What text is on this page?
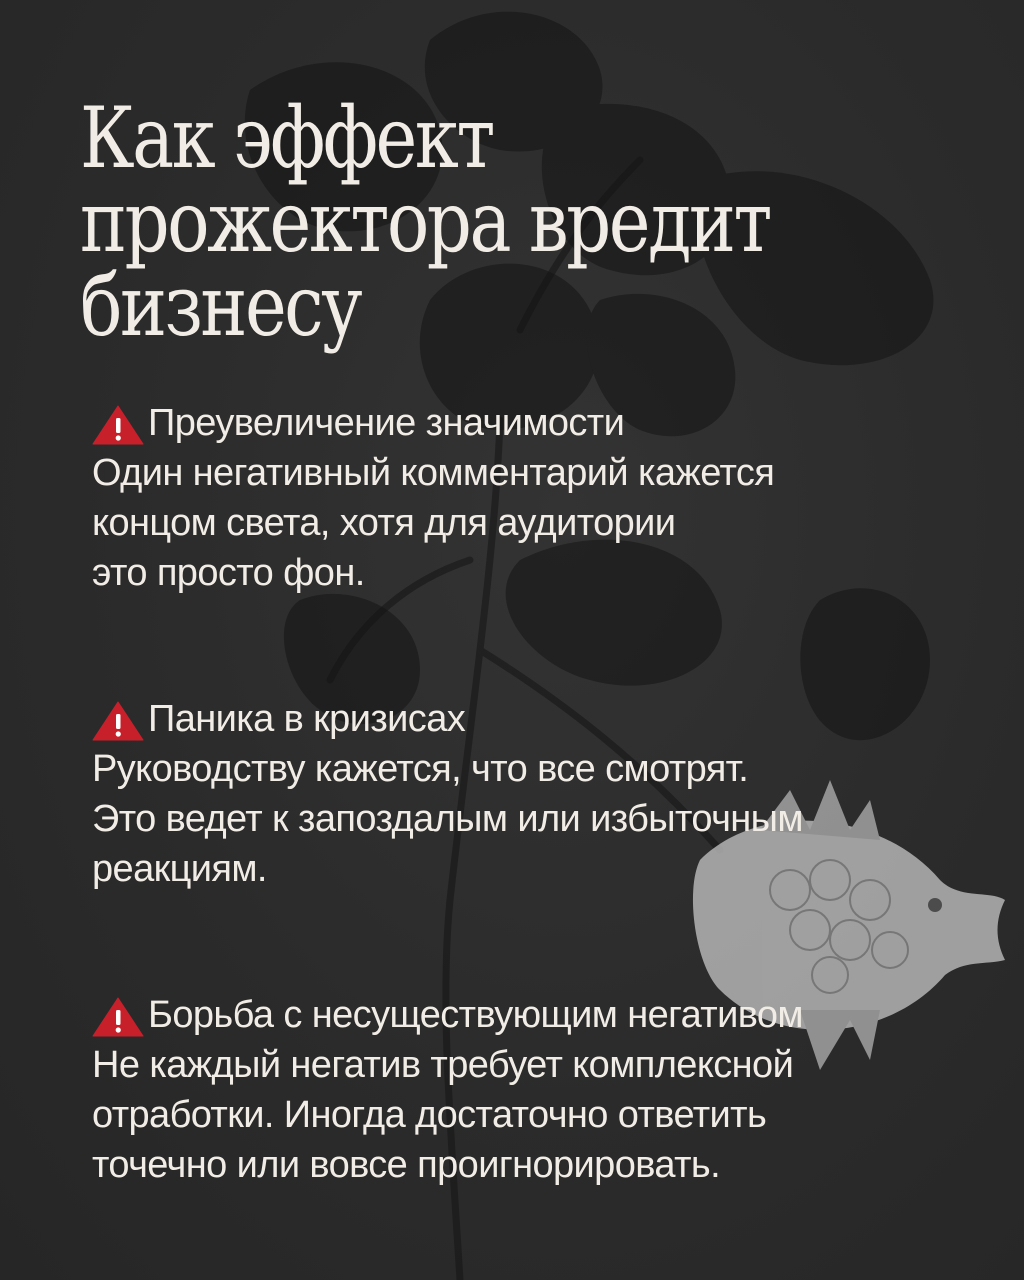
Как эффект
прожектора вредит
бизнесу
Преувеличение значимости
Один негативный комментарий кажется
концом света, хотя для аудитории
это просто фон.
Паника в кризисах
Руководству кажется, что все смотрят.
Это ведет к запоздалым или избыточным
реакциям.
Борьба с несуществующим негативом
Не каждый негатив требует комплексной
отработки. Иногда достаточно ответить
точечно или вовсе проигнорировать.
